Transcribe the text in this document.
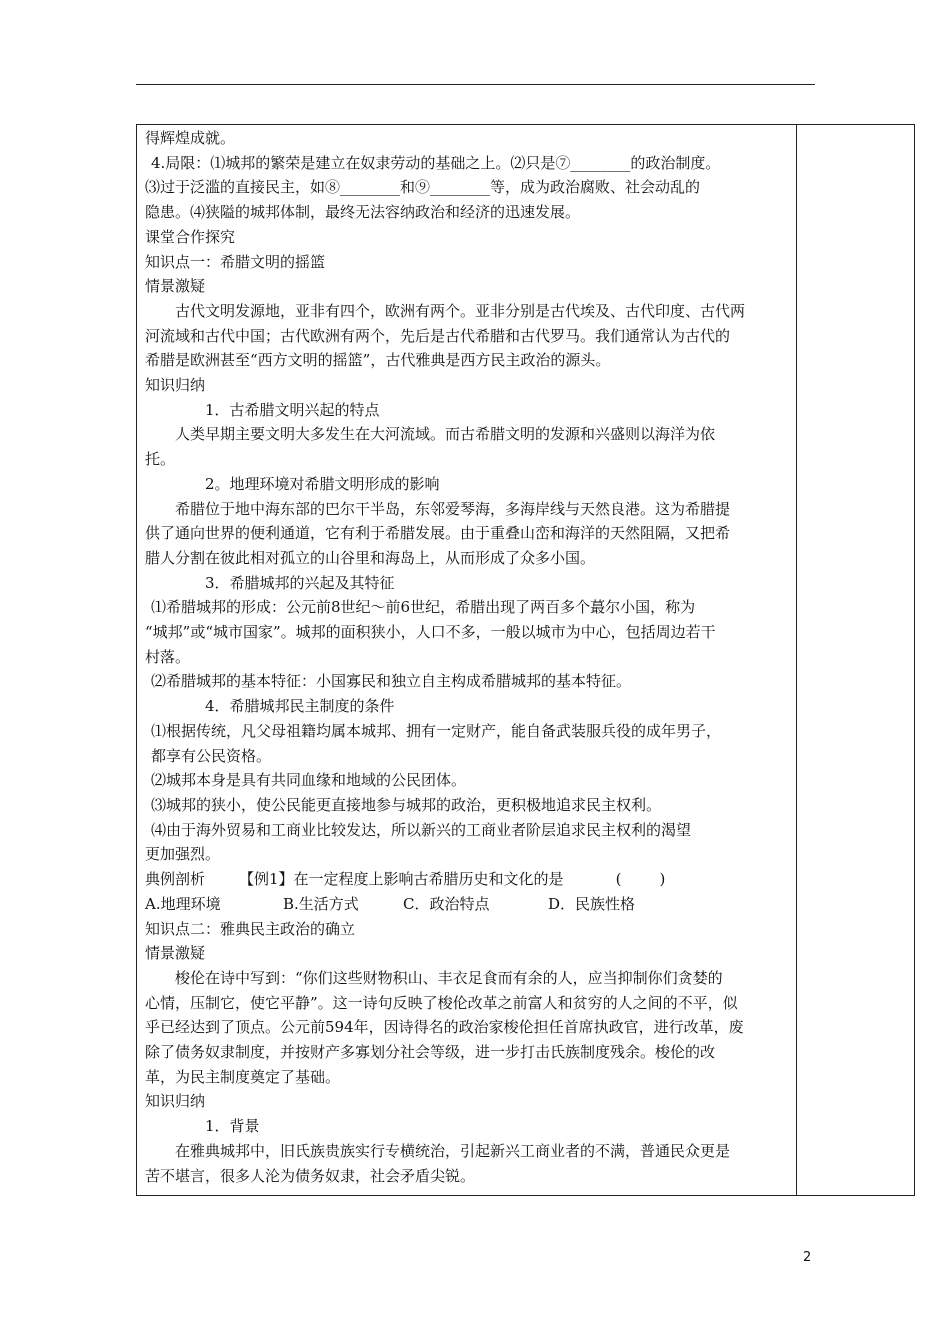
得辉煌成就。

4.局限：⑴城邦的繁荣是建立在奴隶劳动的基础之上。⑵只是⑦________的政治制度。

⑶过于泛滥的直接民主，如⑧________和⑨________等，成为政治腐败、社会动乱的

隐患。⑷狭隘的城邦体制，最终无法容纳政治和经济的迅速发展。

课堂合作探究

知识点一：希腊文明的摇篮

情景激疑

古代文明发源地，亚非有四个，欧洲有两个。亚非分别是古代埃及、古代印度、古代两

河流域和古代中国；古代欧洲有两个，先后是古代希腊和古代罗马。我们通常认为古代的

希腊是欧洲甚至“西方文明的摇篮”，古代雅典是西方民主政治的源头。

知识归纳

1．古希腊文明兴起的特点

人类早期主要文明大多发生在大河流域。而古希腊文明的发源和兴盛则以海洋为依

托。

2。地理环境对希腊文明形成的影响

希腊位于地中海东部的巴尔干半岛，东邻爱琴海，多海岸线与天然良港。这为希腊提

供了通向世界的便利通道，它有利于希腊发展。由于重叠山峦和海洋的天然阻隔，又把希

腊人分割在彼此相对孤立的山谷里和海岛上，从而形成了众多小国。

3．希腊城邦的兴起及其特征

⑴希腊城邦的形成：公元前8世纪～前6世纪，希腊出现了两百多个蕞尔小国，称为

“城邦”或“城市国家”。城邦的面积狭小，人口不多，一般以城市为中心，包括周边若干

村落。

⑵希腊城邦的基本特征：小国寡民和独立自主构成希腊城邦的基本特征。

4．希腊城邦民主制度的条件

⑴根据传统，凡父母祖籍均属本城邦、拥有一定财产，能自备武装服兵役的成年男子，

都享有公民资格。

⑵城邦本身是具有共同血缘和地域的公民团体。

⑶城邦的狭小，使公民能更直接地参与城邦的政治，更积极地追求民主权利。

⑷由于海外贸易和工商业比较发达，所以新兴的工商业者阶层追求民主权利的渴望

更加强烈。

典例剖析 【例1】在一定程度上影响古希腊历史和文化的是	(        )

A.地理环境	B.生活方式	C．政治特点	D．民族性格

知识点二：雅典民主政治的确立

情景激疑

梭伦在诗中写到：“你们这些财物积山、丰衣足食而有余的人，应当抑制你们贪婪的

心情，压制它，使它平静”。这一诗句反映了梭伦改革之前富人和贫穷的人之间的不平，似

乎已经达到了顶点。公元前594年，因诗得名的政治家梭伦担任首席执政官，进行改革，废

除了债务奴隶制度，并按财产多寡划分社会等级，进一步打击氏族制度残余。梭伦的改

革，为民主制度奠定了基础。

知识归纳

1．背景

在雅典城邦中，旧氏族贵族实行专横统治，引起新兴工商业者的不满，普通民众更是

苦不堪言，很多人沦为债务奴隶，社会矛盾尖锐。

2
